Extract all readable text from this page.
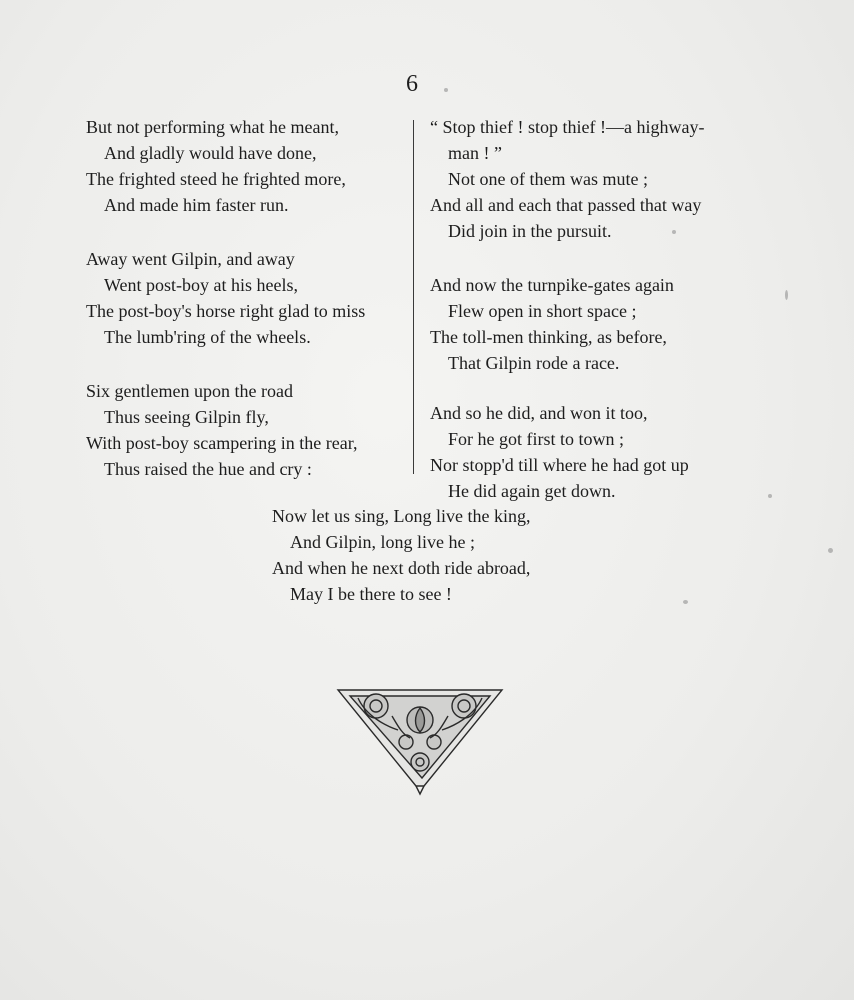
6
But not performing what he meant,
And gladly would have done,
The frighted steed he frighted more,
And made him faster run.
Away went Gilpin, and away
Went post-boy at his heels,
The post-boy's horse right glad to miss
The lumb'ring of the wheels.
Six gentlemen upon the road
Thus seeing Gilpin fly,
With post-boy scampering in the rear,
Thus raised the hue and cry :
“ Stop thief ! stop thief !—a highway-
man ! ”
Not one of them was mute ;
And all and each that passed that way
Did join in the pursuit.
And now the turnpike-gates again
Flew open in short space ;
The toll-men thinking, as before,
That Gilpin rode a race.
And so he did, and won it too,
For he got first to town ;
Nor stopp'd till where he had got up
He did again get down.
Now let us sing, Long live the king,
And Gilpin, long live he ;
And when he next doth ride abroad,
May I be there to see !
